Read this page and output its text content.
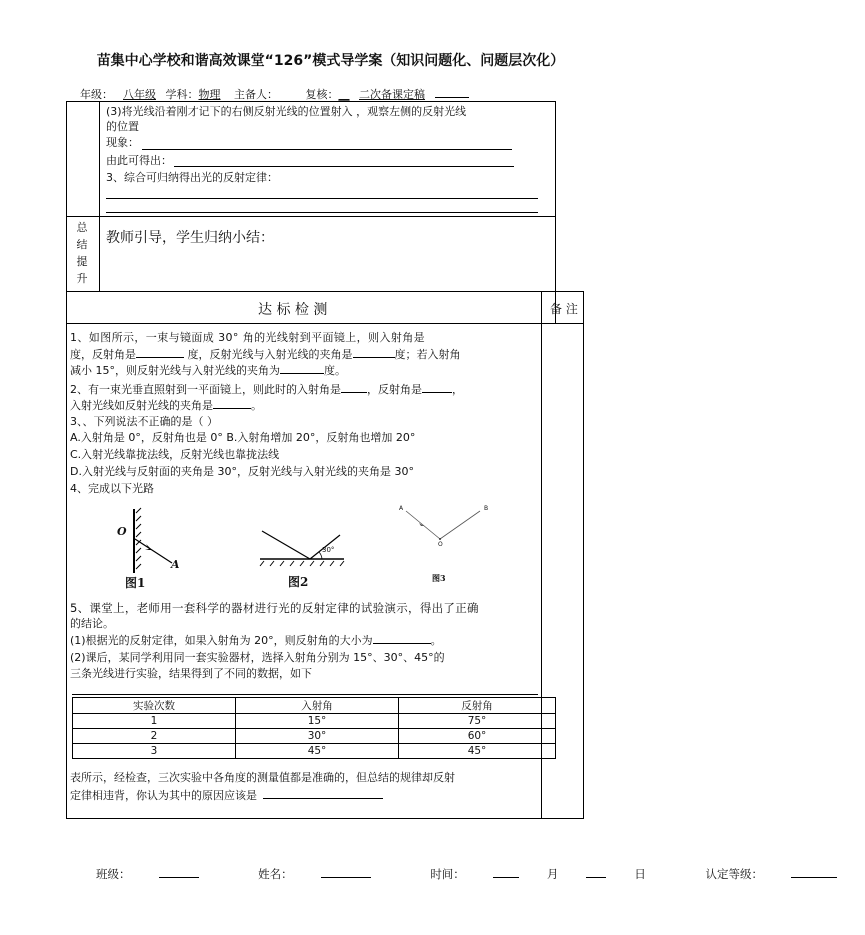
苗集中心学校和谐高效课堂“126”模式导学案（知识问题化、问题层次化）
年级： 八年级 学科：物理 主备人：	复核：__ 二次备课定稿
(3)将光线沿着刚才记下的右侧反射光线的位置射入 ，观察左侧的反射光线
的位置
现象：
由此可得出：
3、综合可归纳得出光的反射定律：
总
结
提
升
教师引导，学生归纳小结：
达 标 检 测	备 注
1、如图所示，一束与镜面成 30° 角的光线射到平面镜上，则入射角是
度，反射角是	度，反射光线与入射光线的夹角是	度；若入射角
减小 15°，则反射光线与入射光线的夹角为	度。
2、有一束光垂直照射到一平面镜上，则此时的入射角是 ，反射角是	，
入射光线如反射光线的夹角是	。
3、、下列说法不正确的是（ ）
A.入射角是 0°，反射角也是 0° B.入射角增加 20°，反射角也增加 20°
C.入射光线靠拢法线，反射光线也靠拢法线
D.入射光线与反射面的夹角是 30°，反射光线与入射光线的夹角是 30°
4、完成以下光路
O
A
图1
30°
图2
A	B
O
图3
5、课堂上，老师用一套科学的器材进行光的反射定律的试验演示，得出了正确
的结论。
(1)根据光的反射定律，如果入射角为 20°，则反射角的大小为	。
(2)课后，某同学利用同一套实验器材，选择入射角分别为 15°、30°、45°的
三条光线进行实验，结果得到了不同的数据，如下
实验次数	入射角	反射角
1	15°	75°
2	30°	60°
3	45°	45°
表所示，经检查，三次实验中各角度的测量值都是准确的，但总结的规律却反射
定律相违背，你认为其中的原因应该是
班级：	姓名：	时间：	月	日	认定等级：
